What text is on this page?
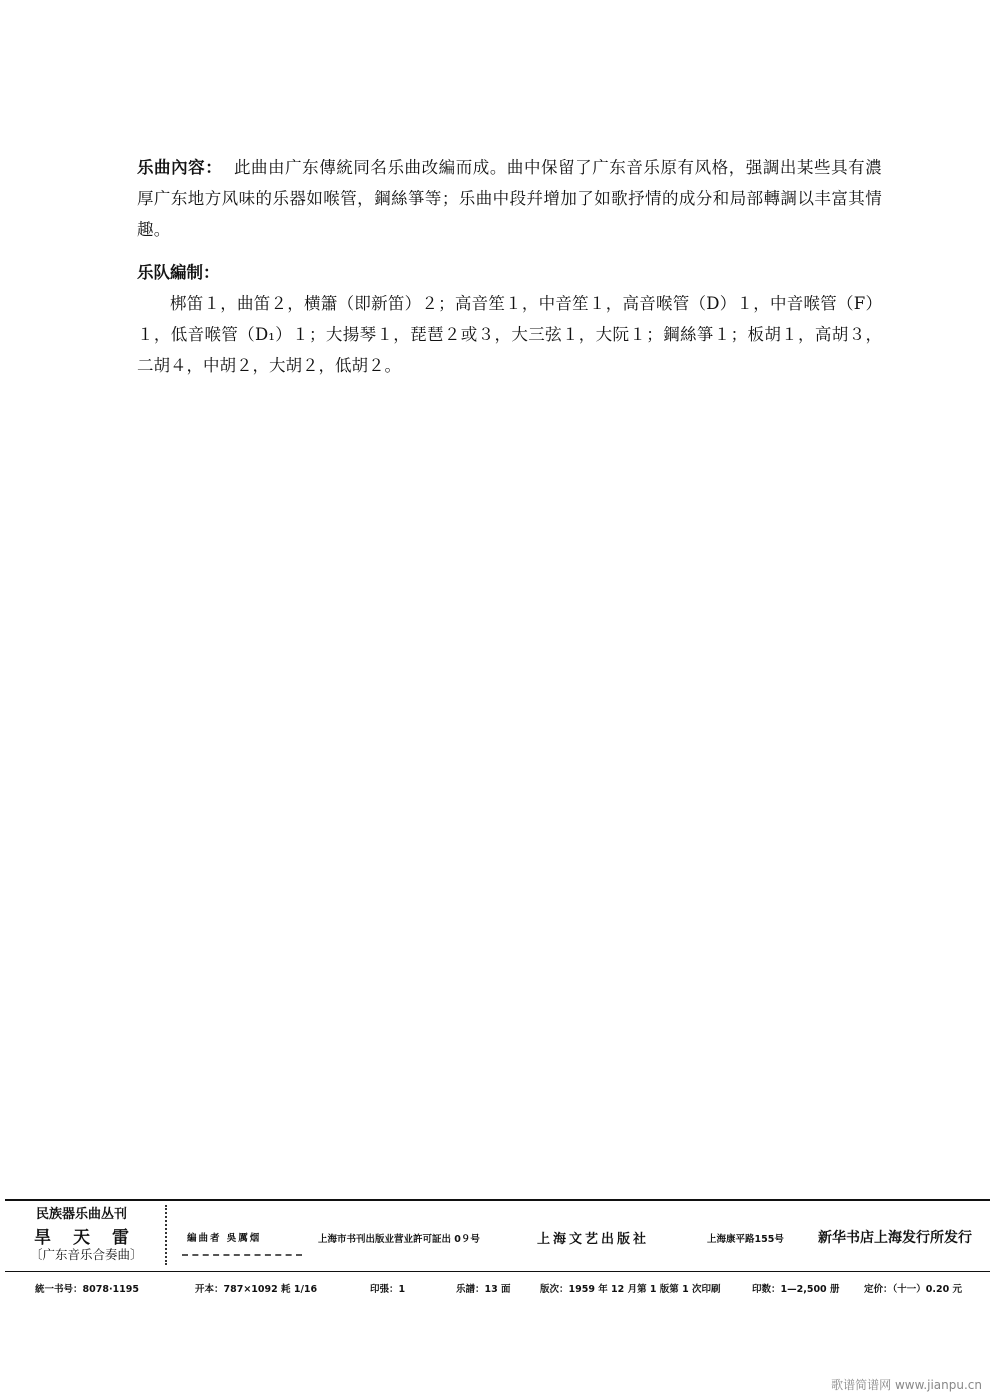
乐曲內容： 此曲由广东傳統同名乐曲改編而成。曲中保留了广东音乐原有风格，强調出某些具有濃厚广东地方风味的乐器如喉管，鋼絲箏等；乐曲中段幷增加了如歌抒情的成分和局部轉調以丰富其情趣。

乐队編制：

梆笛１，曲笛２，横簫（即新笛）２；高音笙１，中音笙１，高音喉管（D）１，中音喉管（F）１，低音喉管（D₁）１；大揚琴１，琵琶２或３，大三弦１，大阮１；鋼絲箏１；板胡１，高胡３，二胡４，中胡２，大胡２，低胡２。

民族器乐曲丛刊
旱天雷
〔广东音乐合奏曲〕
編曲者 吳厲烟	上海市书刊出版业营业許可証出 0９号	上海文艺出版社	上海康平路155号 新华书店上海发行所发行
統一书号：8078·1195	开本：787×1092 耗 1/16	印張：1	乐譜：13 面	版次：1959 年 12 月第 1 版第 1 次印刷	印数：1—2,500 册	定价：（十一）0.20 元
歌谱简谱网 www.jianpu.cn
